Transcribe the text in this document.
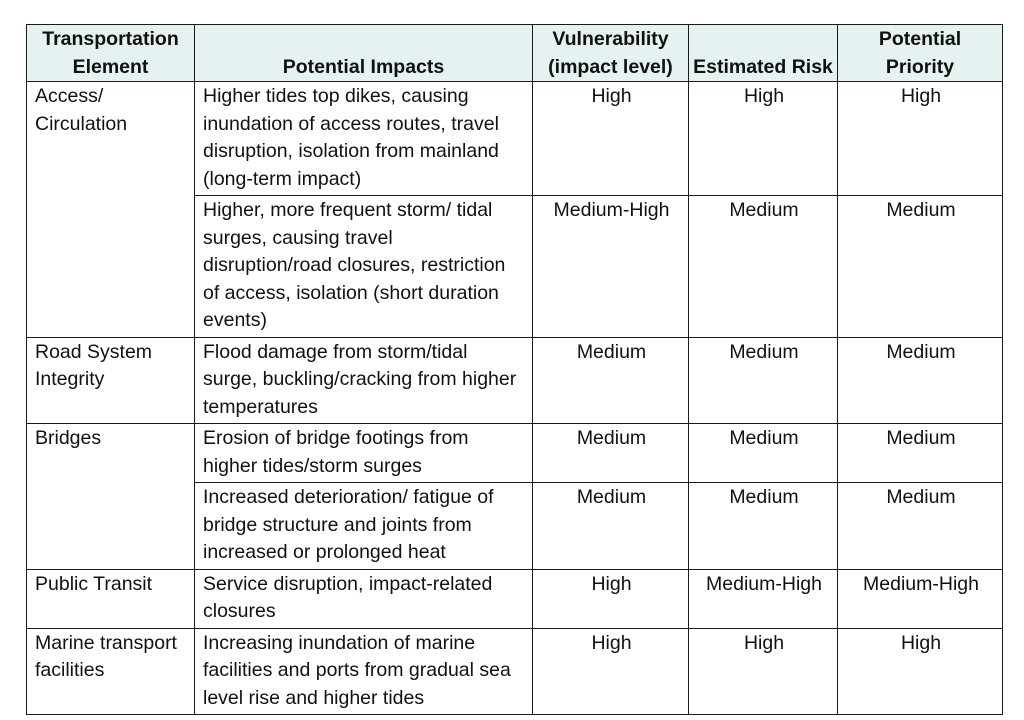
Transportation Element	Potential Impacts	Vulnerability (impact level)	Estimated Risk	Potential Priority
Access/ Circulation	Higher tides top dikes, causing inundation of access routes, travel disruption, isolation from mainland (long-term impact)	High	High	High
	Higher, more frequent storm/ tidal surges, causing travel disruption/road closures, restriction of access, isolation (short duration events)	Medium-High	Medium	Medium
Road System Integrity	Flood damage from storm/tidal surge, buckling/cracking from higher temperatures	Medium	Medium	Medium
Bridges	Erosion of bridge footings from higher tides/storm surges	Medium	Medium	Medium
	Increased deterioration/ fatigue of bridge structure and joints from increased or prolonged heat	Medium	Medium	Medium
Public Transit	Service disruption, impact-related closures	High	Medium-High	Medium-High
Marine transport facilities	Increasing inundation of marine facilities and ports from gradual sea level rise and higher tides	High	High	High
